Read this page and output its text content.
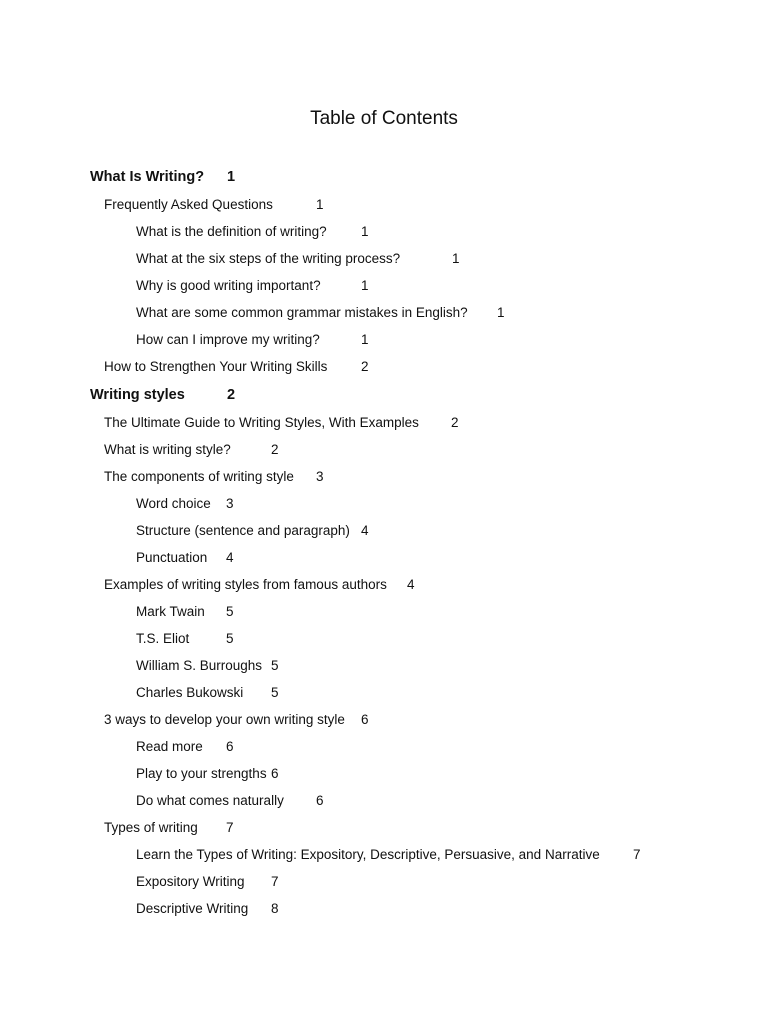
Table of Contents
What Is Writing? 1
Frequently Asked Questions	1
What is the definition of writing?	1
What at the six steps of the writing process?	1
Why is good writing important?	1
What are some common grammar mistakes in English? 1
How can I improve my writing?	1
How to Strengthen Your Writing Skills 2
Writing styles	2
The Ultimate Guide to Writing Styles, With Examples 2
What is writing style?	2
The components of writing style 3
Word choice 3
Structure (sentence and paragraph) 4
Punctuation 4
Examples of writing styles from famous authors 4
Mark Twain 5
T.S. Eliot	5
William S. Burroughs 5
Charles Bukowski 5
3 ways to develop your own writing style 6
Read more 6
Play to your strengths 6
Do what comes naturally 6
Types of writing 7
Learn the Types of Writing: Expository, Descriptive, Persuasive, and Narrative 7
Expository Writing 7
Descriptive Writing 8
